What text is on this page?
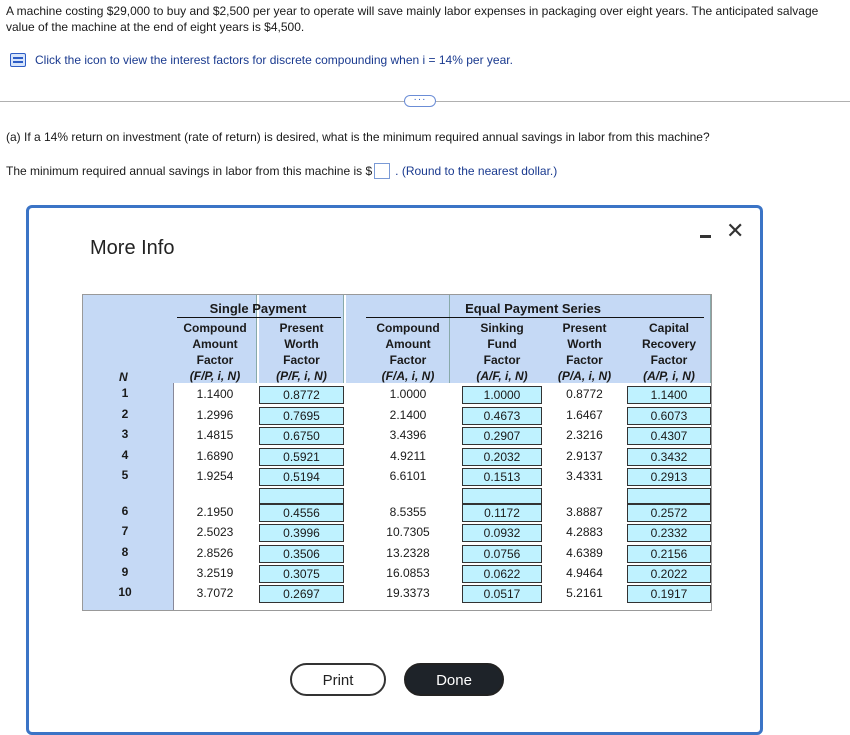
A machine costing $29,000 to buy and $2,500 per year to operate will save mainly labor expenses in packaging over eight years. The anticipated salvage value of the machine at the end of eight years is $4,500.
Click the icon to view the interest factors for discrete compounding when i = 14% per year.
···
(a) If a 14% return on investment (rate of return) is desired, what is the minimum required annual savings in labor from this machine?
The minimum required annual savings in labor from this machine is $ . (Round to the nearest dollar.)
More Info
✕
Single Payment	Equal Payment Series
Compound
Amount
Factor
(F/P, i, N)
Present
Worth
Factor
(P/F, i, N)
Compound
Amount
Factor
(F/A, i, N)
Sinking
Fund
Factor
(A/F, i, N)
Present
Worth
Factor
(P/A, i, N)
Capital
Recovery
Factor
(A/P, i, N)
N
1	1.1400	0.8772	1.0000	1.0000	0.8772	1.1400
2	1.2996	0.7695	2.1400	0.4673	1.6467	0.6073
3	1.4815	0.6750	3.4396	0.2907	2.3216	0.4307
4	1.6890	0.5921	4.9211	0.2032	2.9137	0.3432
5	1.9254	0.5194	6.6101	0.1513	3.4331	0.2913
6	2.1950	0.4556	8.5355	0.1172	3.8887	0.2572
7	2.5023	0.3996	10.7305	0.0932	4.2883	0.2332
8	2.8526	0.3506	13.2328	0.0756	4.6389	0.2156
9	3.2519	0.3075	16.0853	0.0622	4.9464	0.2022
10	3.7072	0.2697	19.3373	0.0517	5.2161	0.1917
Print	Done
